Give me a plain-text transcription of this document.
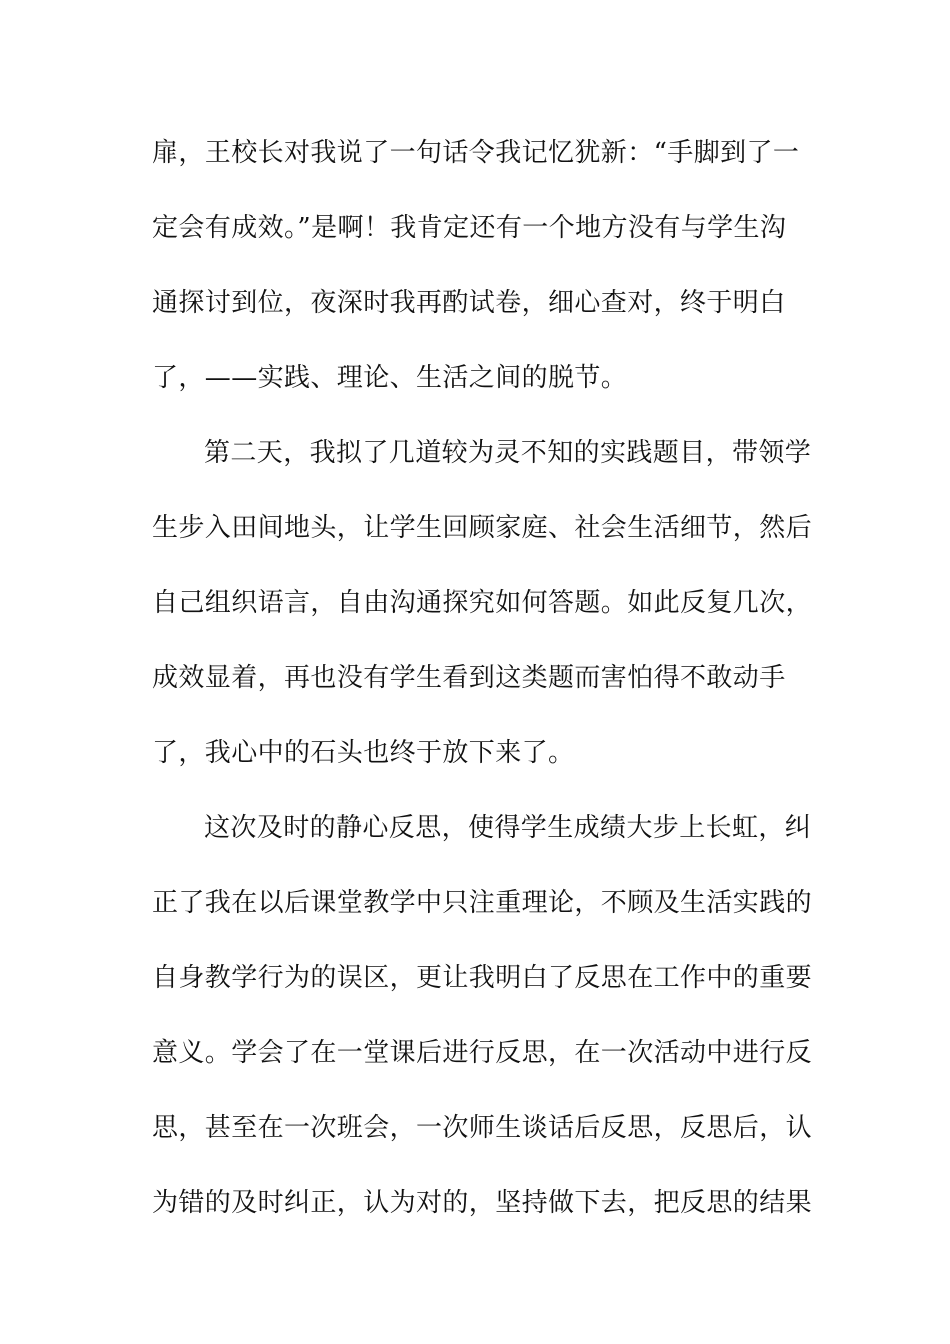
扉，王校长对我说了一句话令我记忆犹新：“手脚到了一
定会有成效。”是啊！我肯定还有一个地方没有与学生沟
通探讨到位，夜深时我再酌试卷，细心查对，终于明白
了，——实践、理论、生活之间的脱节。
第二天，我拟了几道较为灵不知的实践题目，带领学
生步入田间地头，让学生回顾家庭、社会生活细节，然后
自己组织语言，自由沟通探究如何答题。如此反复几次，
成效显着，再也没有学生看到这类题而害怕得不敢动手
了，我心中的石头也终于放下来了。
这次及时的静心反思，使得学生成绩大步上长虹，纠
正了我在以后课堂教学中只注重理论，不顾及生活实践的
自身教学行为的误区，更让我明白了反思在工作中的重要
意义。学会了在一堂课后进行反思，在一次活动中进行反
思，甚至在一次班会，一次师生谈话后反思，反思后，认
为错的及时纠正，认为对的，坚持做下去，把反思的结果
